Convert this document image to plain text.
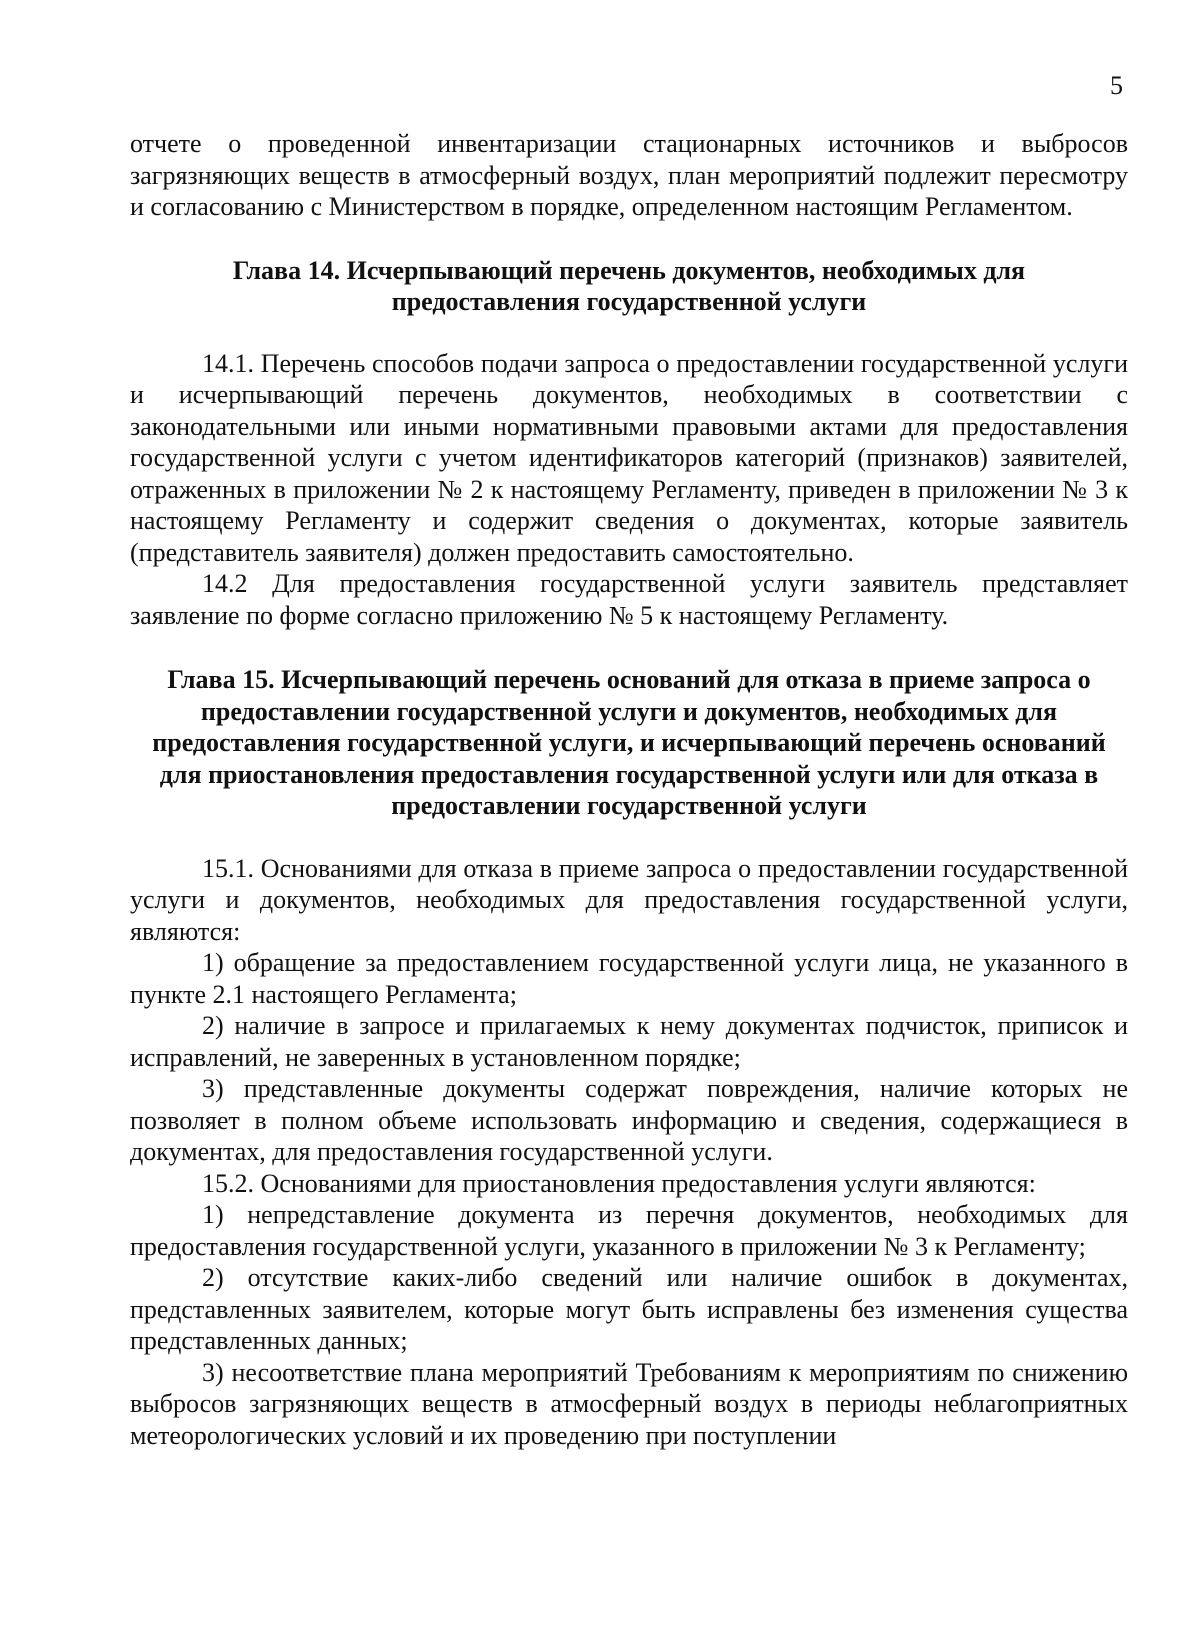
5

отчете о проведенной инвентаризации стационарных источников и выбросов загрязняющих веществ в атмосферный воздух, план мероприятий подлежит пересмотру и согласованию с Министерством в порядке, определенном настоящим Регламентом.

Глава 14. Исчерпывающий перечень документов, необходимых для предоставления государственной услуги

14.1. Перечень способов подачи запроса о предоставлении государственной услуги и исчерпывающий перечень документов, необходимых в соответствии с законодательными или иными нормативными правовыми актами для предоставления государственной услуги с учетом идентификаторов категорий (признаков) заявителей, отраженных в приложении № 2 к настоящему Регламенту, приведен в приложении № 3 к настоящему Регламенту и содержит сведения о документах, которые заявитель (представитель заявителя) должен предоставить самостоятельно.

14.2 Для предоставления государственной услуги заявитель представляет заявление по форме согласно приложению № 5 к настоящему Регламенту.

Глава 15. Исчерпывающий перечень оснований для отказа в приеме запроса о предоставлении государственной услуги и документов, необходимых для предоставления государственной услуги, и исчерпывающий перечень оснований для приостановления предоставления государственной услуги или для отказа в предоставлении государственной услуги

15.1. Основаниями для отказа в приеме запроса о предоставлении государственной услуги и документов, необходимых для предоставления государственной услуги, являются:

1) обращение за предоставлением государственной услуги лица, не указанного в пункте 2.1 настоящего Регламента;

2) наличие в запросе и прилагаемых к нему документах подчисток, приписок и исправлений, не заверенных в установленном порядке;

3) представленные документы содержат повреждения, наличие которых не позволяет в полном объеме использовать информацию и сведения, содержащиеся в документах, для предоставления государственной услуги.

15.2. Основаниями для приостановления предоставления услуги являются:

1) непредставление документа из перечня документов, необходимых для предоставления государственной услуги, указанного в приложении № 3 к Регламенту;

2) отсутствие каких-либо сведений или наличие ошибок в документах, представленных заявителем, которые могут быть исправлены без изменения существа представленных данных;

3) несоответствие плана мероприятий Требованиям к мероприятиям по снижению выбросов загрязняющих веществ в атмосферный воздух в периоды неблагоприятных метеорологических условий и их проведению при поступлении
